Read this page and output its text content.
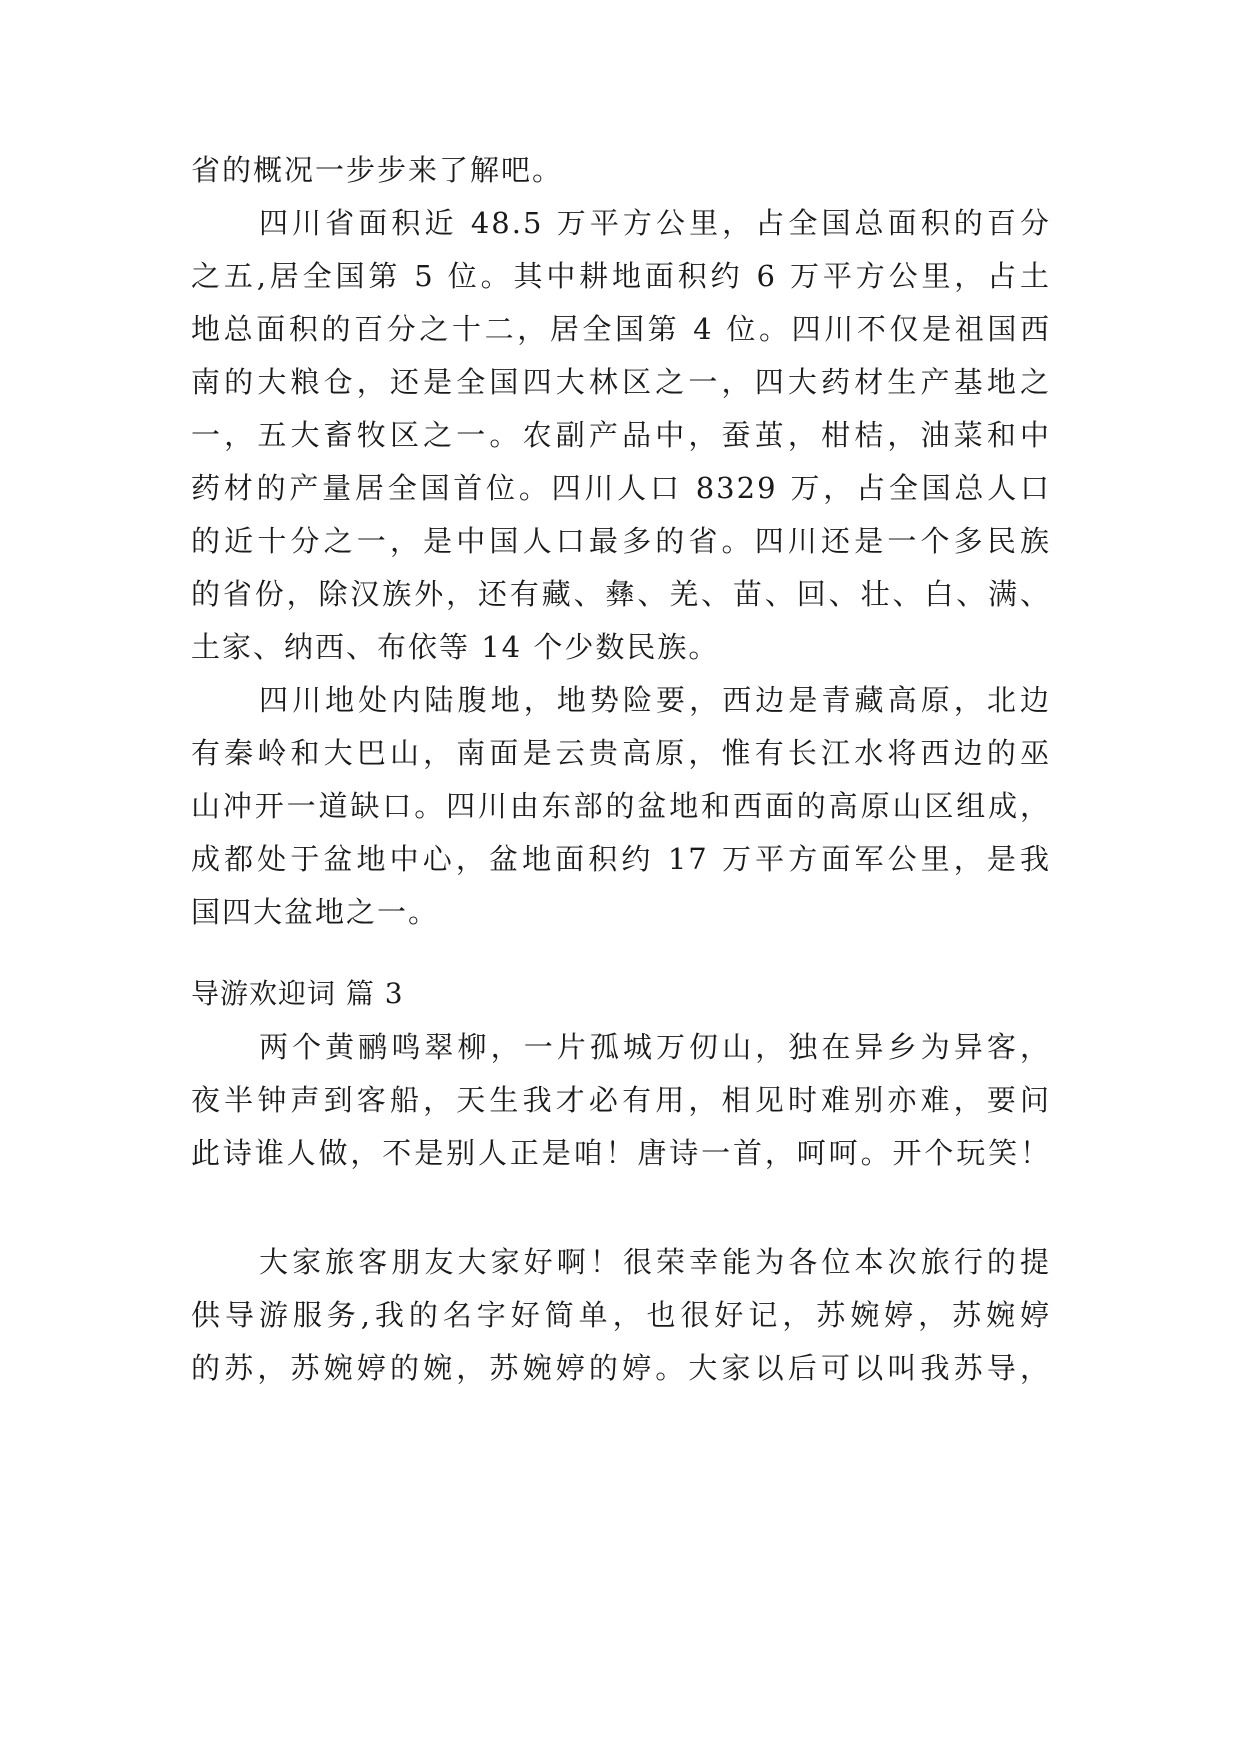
省的概况一步步来了解吧。
四川省面积近 48.5 万平方公里，占全国总面积的百分
之五,居全国第 5 位。其中耕地面积约 6 万平方公里，占土
地总面积的百分之十二，居全国第 4 位。四川不仅是祖国西
南的大粮仓，还是全国四大林区之一，四大药材生产基地之
一，五大畜牧区之一。农副产品中，蚕茧，柑桔，油菜和中
药材的产量居全国首位。四川人口 8329 万，占全国总人口
的近十分之一，是中国人口最多的省。四川还是一个多民族
的省份，除汉族外，还有藏、彝、羌、苗、回、壮、白、满、
土家、纳西、布依等 14 个少数民族。
四川地处内陆腹地，地势险要，西边是青藏高原，北边
有秦岭和大巴山，南面是云贵高原，惟有长江水将西边的巫
山冲开一道缺口。四川由东部的盆地和西面的高原山区组成，
成都处于盆地中心，盆地面积约 17 万平方面军公里，是我
国四大盆地之一。
导游欢迎词 篇 3
两个黄鹂鸣翠柳，一片孤城万仞山，独在异乡为异客，
夜半钟声到客船，天生我才必有用，相见时难别亦难，要问
此诗谁人做，不是别人正是咱！唐诗一首，呵呵。开个玩笑！
大家旅客朋友大家好啊！很荣幸能为各位本次旅行的提
供导游服务,我的名字好简单，也很好记，苏婉婷，苏婉婷
的苏，苏婉婷的婉，苏婉婷的婷。大家以后可以叫我苏导，
